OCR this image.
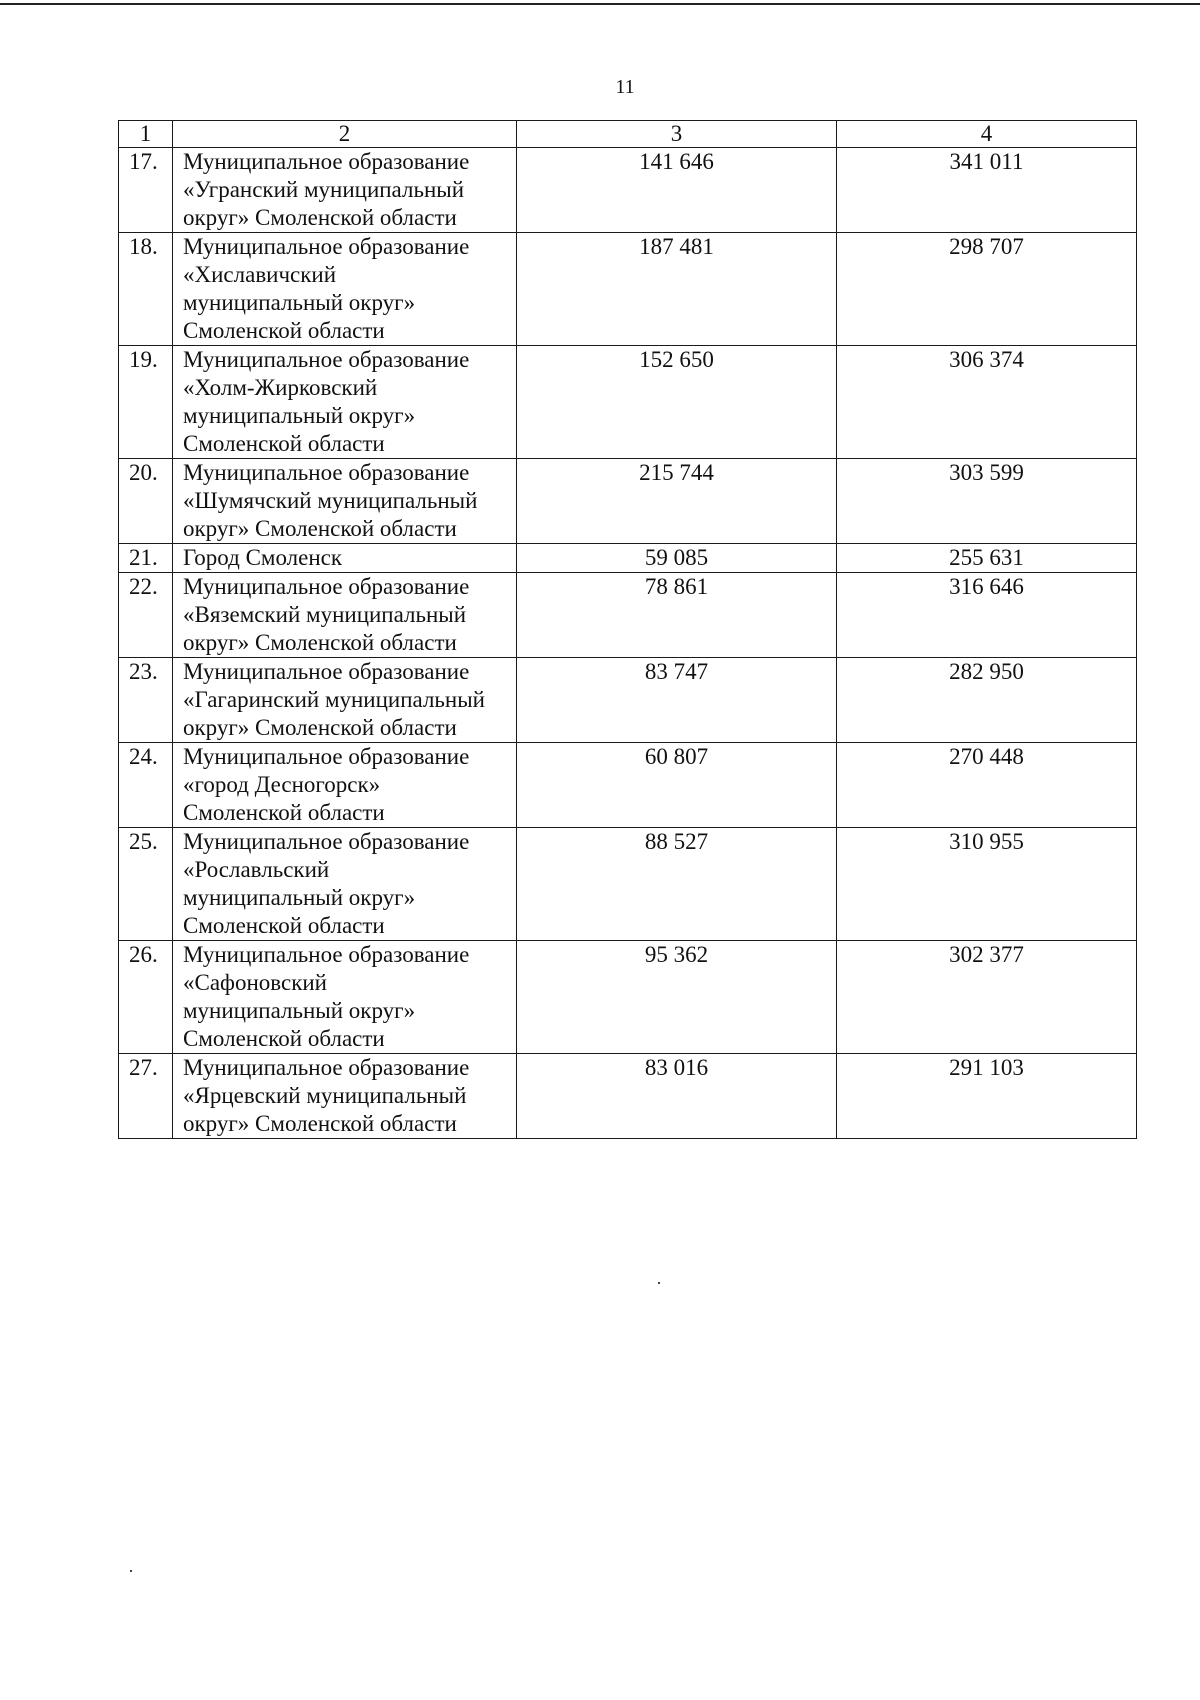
11
1	2	3	4
17.	Муниципальное образование
«Угранский муниципальный
округ» Смоленской области	141 646	341 011
18.	Муниципальное образование
«Хиславичский
муниципальный округ»
Смоленской области	187 481	298 707
19.	Муниципальное образование
«Холм-Жирковский
муниципальный округ»
Смоленской области	152 650	306 374
20.	Муниципальное образование
«Шумячский муниципальный
округ» Смоленской области	215 744	303 599
21.	Город Смоленск	59 085	255 631
22.	Муниципальное образование
«Вяземский муниципальный
округ» Смоленской области	78 861	316 646
23.	Муниципальное образование
«Гагаринский муниципальный
округ» Смоленской области	83 747	282 950
24.	Муниципальное образование
«город Десногорск»
Смоленской области	60 807	270 448
25.	Муниципальное образование
«Рославльский
муниципальный округ»
Смоленской области	88 527	310 955
26.	Муниципальное образование
«Сафоновский
муниципальный округ»
Смоленской области	95 362	302 377
27.	Муниципальное образование
«Ярцевский муниципальный
округ» Смоленской области	83 016	291 103
